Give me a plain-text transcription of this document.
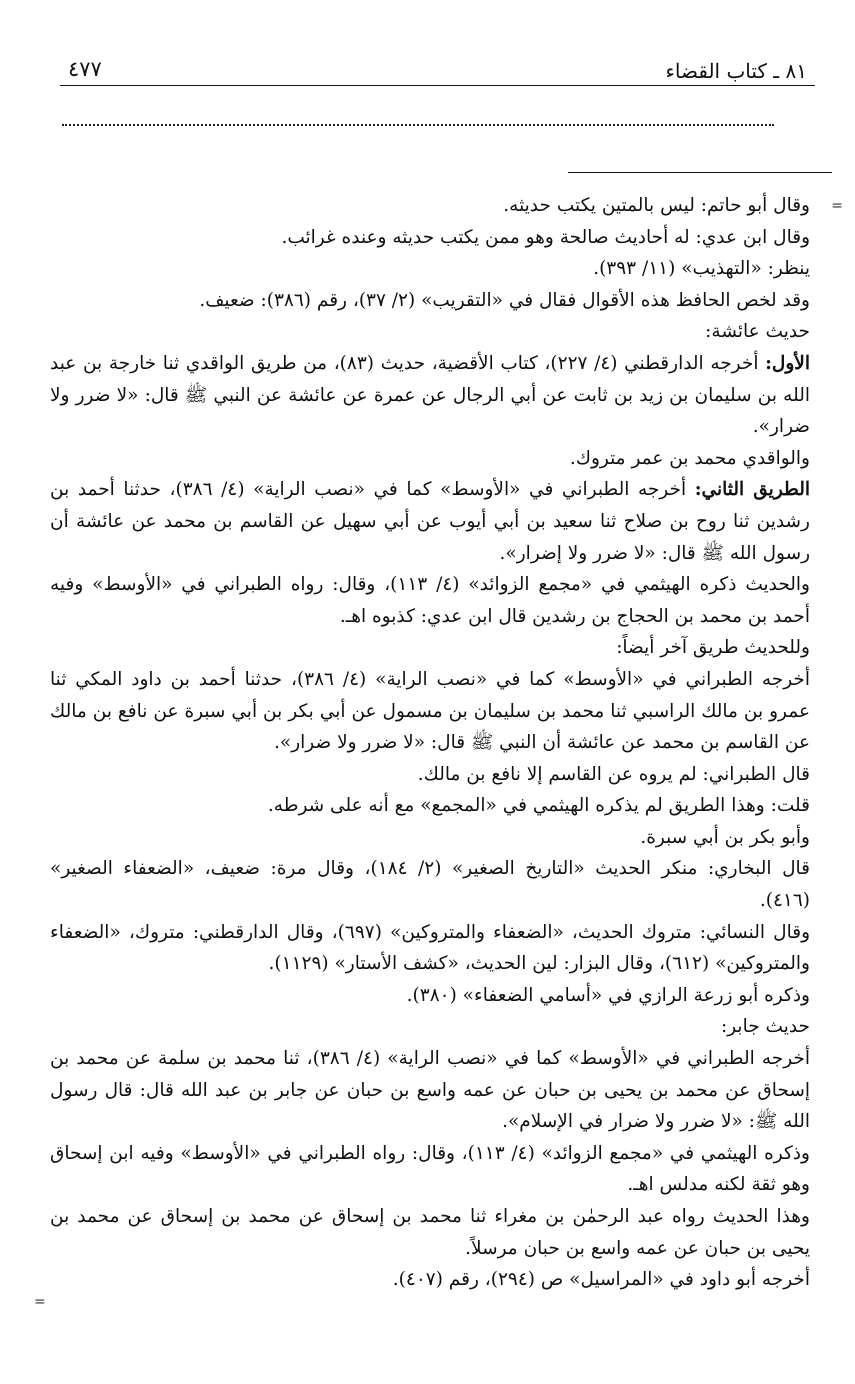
٤٧٧	٨١ ـ كتاب القضاء
=
=

وقال أبو حاتم: ليس بالمتين يكتب حديثه.

وقال ابن عدي: له أحاديث صالحة وهو ممن يكتب حديثه وعنده غرائب.

ينظر: «التهذيب» (١١/ ٣٩٣).

وقد لخص الحافظ هذه الأقوال فقال في «التقريب» (٢/ ٣٧)، رقم (٣٨٦): ضعيف.

حديث عائشة:

الأول: أخرجه الدارقطني (٤/ ٢٢٧)، كتاب الأقضية، حديث (٨٣)، من طريق الواقدي ثنا خارجة بن عبد الله بن سليمان بن زيد بن ثابت عن أبي الرجال عن عمرة عن عائشة عن النبي ﷺ قال: «لا ضرر ولا ضرار».

والواقدي محمد بن عمر متروك.

الطريق الثاني: أخرجه الطبراني في «الأوسط» كما في «نصب الراية» (٤/ ٣٨٦)، حدثنا أحمد بن رشدين ثنا روح بن صلاح ثنا سعيد بن أبي أيوب عن أبي سهيل عن القاسم بن محمد عن عائشة أن رسول الله ﷺ قال: «لا ضرر ولا إضرار».

والحديث ذكره الهيثمي في «مجمع الزوائد» (٤/ ١١٣)، وقال: رواه الطبراني في «الأوسط» وفيه أحمد بن محمد بن الحجاج بن رشدين قال ابن عدي: كذبوه اهـ.

وللحديث طريق آخر أيضاً:

أخرجه الطبراني في «الأوسط» كما في «نصب الراية» (٤/ ٣٨٦)، حدثنا أحمد بن داود المكي ثنا عمرو بن مالك الراسبي ثنا محمد بن سليمان بن مسمول عن أبي بكر بن أبي سبرة عن نافع بن مالك عن القاسم بن محمد عن عائشة أن النبي ﷺ قال: «لا ضرر ولا ضرار».

قال الطبراني: لم يروه عن القاسم إلا نافع بن مالك.

قلت: وهذا الطريق لم يذكره الهيثمي في «المجمع» مع أنه على شرطه.

وأبو بكر بن أبي سبرة.

قال البخاري: منكر الحديث «التاريخ الصغير» (٢/ ١٨٤)، وقال مرة: ضعيف، «الضعفاء الصغير» (٤١٦).

وقال النسائي: متروك الحديث، «الضعفاء والمتروكين» (٦٩٧)، وقال الدارقطني: متروك، «الضعفاء والمتروكين» (٦١٢)، وقال البزار: لين الحديث، «كشف الأستار» (١١٢٩).

وذكره أبو زرعة الرازي في «أسامي الضعفاء» (٣٨٠).

حديث جابر:

أخرجه الطبراني في «الأوسط» كما في «نصب الراية» (٤/ ٣٨٦)، ثنا محمد بن سلمة عن محمد بن إسحاق عن محمد بن يحيى بن حبان عن عمه واسع بن حبان عن جابر بن عبد الله قال: قال رسول الله ﷺ: «لا ضرر ولا ضرار في الإسلام».

وذكره الهيثمي في «مجمع الزوائد» (٤/ ١١٣)، وقال: رواه الطبراني في «الأوسط» وفيه ابن إسحاق وهو ثقة لكنه مدلس اهـ.

وهذا الحديث رواه عبد الرحمٰن بن مغراء ثنا محمد بن إسحاق عن محمد بن إسحاق عن محمد بن يحيى بن حبان عن عمه واسع بن حبان مرسلاً.

أخرجه أبو داود في «المراسيل» ص (٢٩٤)، رقم (٤٠٧).
